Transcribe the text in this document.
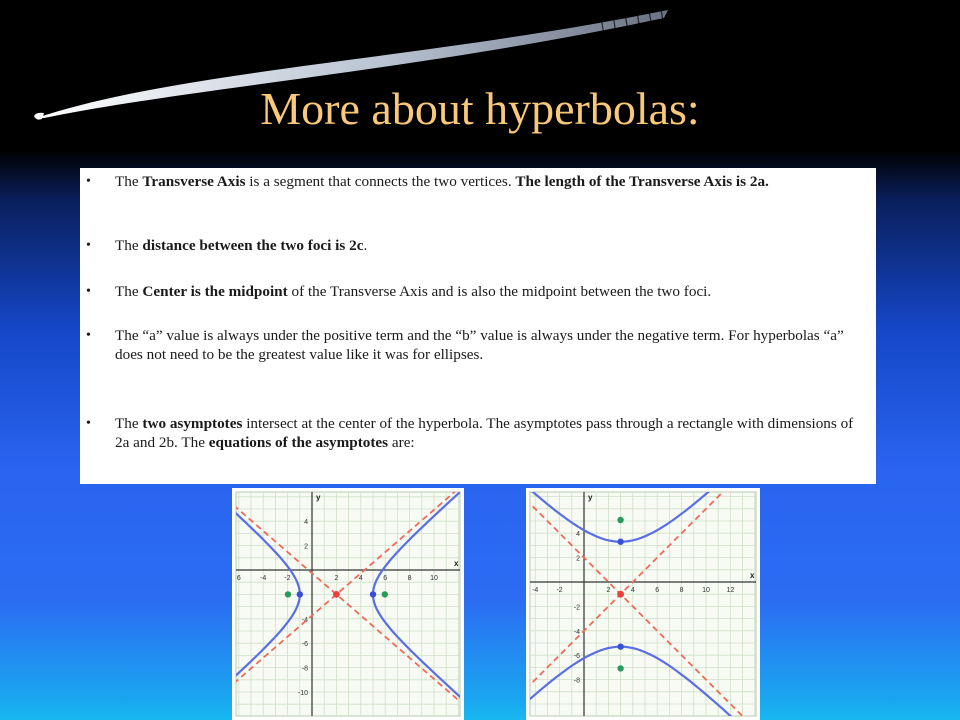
More about hyperbolas:
• The Transverse Axis is a segment that connects the two vertices. The length of the Transverse Axis is 2a.
• The distance between the two foci is 2c.
• The Center is the midpoint of the Transverse Axis and is also the midpoint between the two foci.
• The “a” value is always under the positive term and the “b” value is always under the negative term. For hyperbolas “a” does not need to be the greatest value like it was for ellipses.
• The two asymptotes intersect at the center of the hyperbola. The asymptotes pass through a rectangle with dimensions of 2a and 2b. The equations of the asymptotes are:
x
y
6	-4	-2	2	4	6	8	10
4
2
-4
-6
-8
-10
x
y
-4	-2	2	4	6	8	10 12
4
2
-2
-4
-6
-8
